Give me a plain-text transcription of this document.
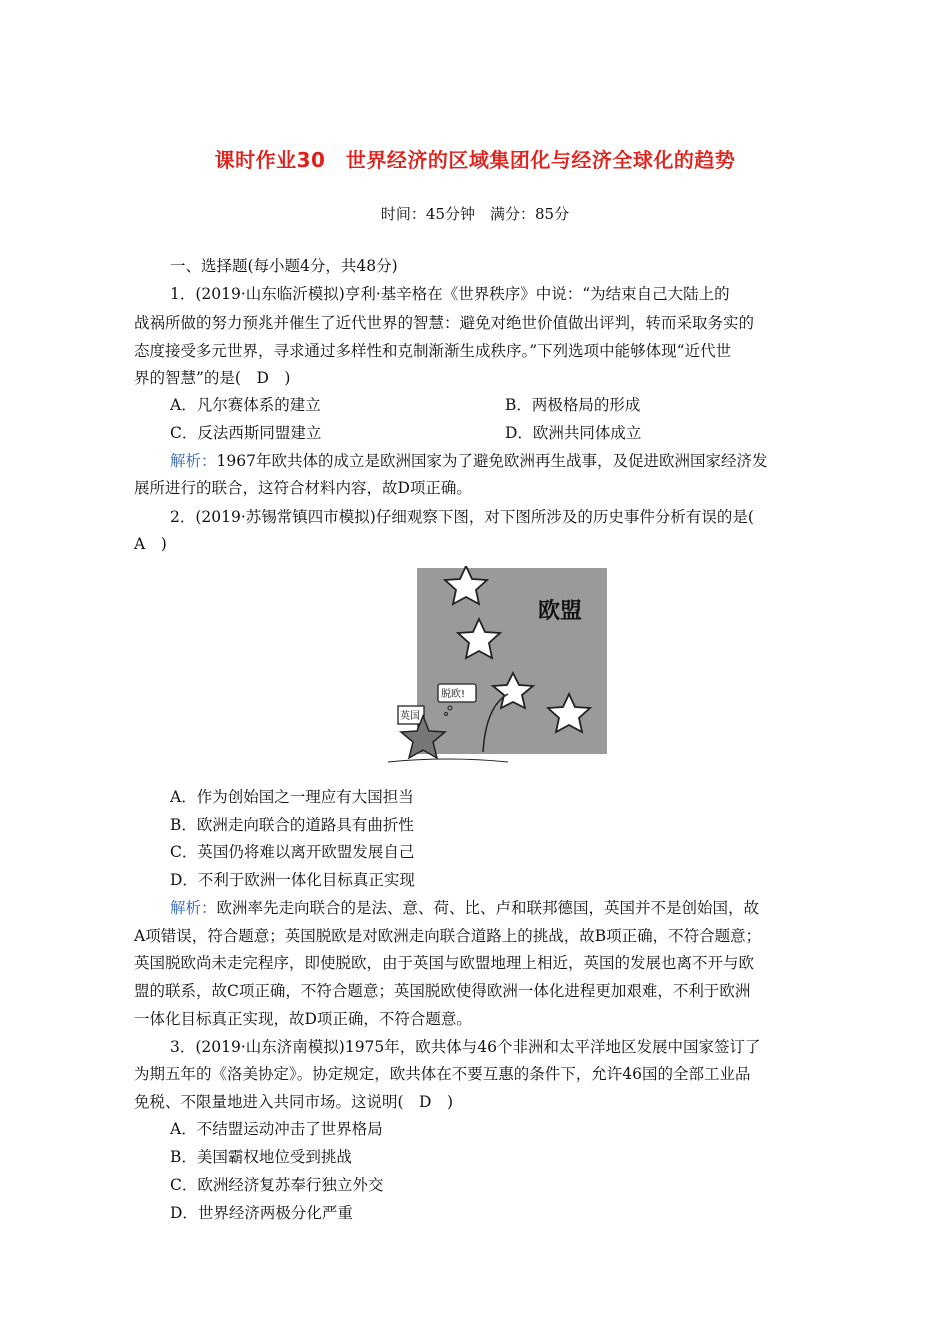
课时作业30　世界经济的区域集团化与经济全球化的趋势
时间：45分钟　满分：85分
一、选择题(每小题4分，共48分)
1．(2019·山东临沂模拟)亨利·基辛格在《世界秩序》中说：“为结束自己大陆上的
战祸所做的努力预兆并催生了近代世界的智慧：避免对绝世价值做出评判，转而采取务实的
态度接受多元世界，寻求通过多样性和克制渐渐生成秩序。”下列选项中能够体现“近代世
界的智慧”的是(　D　)
A．凡尔赛体系的建立	B．两极格局的形成
C．反法西斯同盟建立	D．欧洲共同体成立
解析：1967年欧共体的成立是欧洲国家为了避免欧洲再生战事，及促进欧洲国家经济发
展所进行的联合，这符合材料内容，故D项正确。
2．(2019·苏锡常镇四市模拟)仔细观察下图，对下图所涉及的历史事件分析有误的是(
A　)
欧盟
脱欧!
英国
A．作为创始国之一理应有大国担当
B．欧洲走向联合的道路具有曲折性
C．英国仍将难以离开欧盟发展自己
D．不利于欧洲一体化目标真正实现
解析：欧洲率先走向联合的是法、意、荷、比、卢和联邦德国，英国并不是创始国，故
A项错误，符合题意；英国脱欧是对欧洲走向联合道路上的挑战，故B项正确，不符合题意；
英国脱欧尚未走完程序，即使脱欧，由于英国与欧盟地理上相近，英国的发展也离不开与欧
盟的联系，故C项正确，不符合题意；英国脱欧使得欧洲一体化进程更加艰难，不利于欧洲
一体化目标真正实现，故D项正确，不符合题意。
3．(2019·山东济南模拟)1975年，欧共体与46个非洲和太平洋地区发展中国家签订了
为期五年的《洛美协定》。协定规定，欧共体在不要互惠的条件下，允许46国的全部工业品
免税、不限量地进入共同市场。这说明(　D　)
A．不结盟运动冲击了世界格局
B．美国霸权地位受到挑战
C．欧洲经济复苏奉行独立外交
D．世界经济两极分化严重
